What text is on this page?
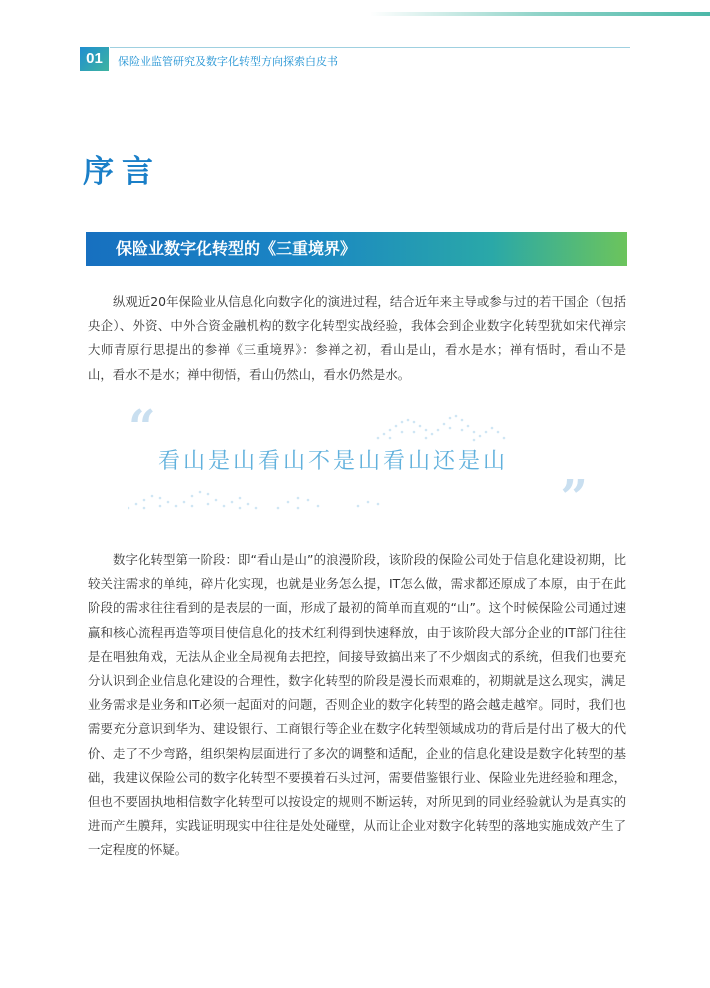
01	保险业监管研究及数字化转型方向探索白皮书
序言
保险业数字化转型的《三重境界》

纵观近20年保险业从信息化向数字化的演进过程，结合近年来主导或参与过的若干国企（包括央企）、外资、中外合资金融机构的数字化转型实战经验，我体会到企业数字化转型犹如宋代禅宗大师青原行思提出的参禅《三重境界》：参禅之初，看山是山，看水是水；禅有悟时，看山不是山，看水不是水；禅中彻悟，看山仍然山，看水仍然是水。

“
看山是山看山不是山看山还是山
”

数字化转型第一阶段：即“看山是山”的浪漫阶段，该阶段的保险公司处于信息化建设初期，比较关注需求的单纯，碎片化实现，也就是业务怎么提，IT怎么做，需求都还原成了本原，由于在此阶段的需求往往看到的是表层的一面，形成了最初的简单而直观的“山”。这个时候保险公司通过速赢和核心流程再造等项目使信息化的技术红利得到快速释放，由于该阶段大部分企业的IT部门往往是在唱独角戏，无法从企业全局视角去把控，间接导致搞出来了不少烟囱式的系统，但我们也要充分认识到企业信息化建设的合理性，数字化转型的阶段是漫长而艰难的，初期就是这么现实，满足业务需求是业务和IT必须一起面对的问题，否则企业的数字化转型的路会越走越窄。同时，我们也需要充分意识到华为、建设银行、工商银行等企业在数字化转型领域成功的背后是付出了极大的代价、走了不少弯路，组织架构层面进行了多次的调整和适配，企业的信息化建设是数字化转型的基础，我建议保险公司的数字化转型不要摸着石头过河，需要借鉴银行业、保险业先进经验和理念，但也不要固执地相信数字化转型可以按设定的规则不断运转，对所见到的同业经验就认为是真实的进而产生膜拜，实践证明现实中往往是处处碰壁，从而让企业对数字化转型的落地实施成效产生了一定程度的怀疑。
